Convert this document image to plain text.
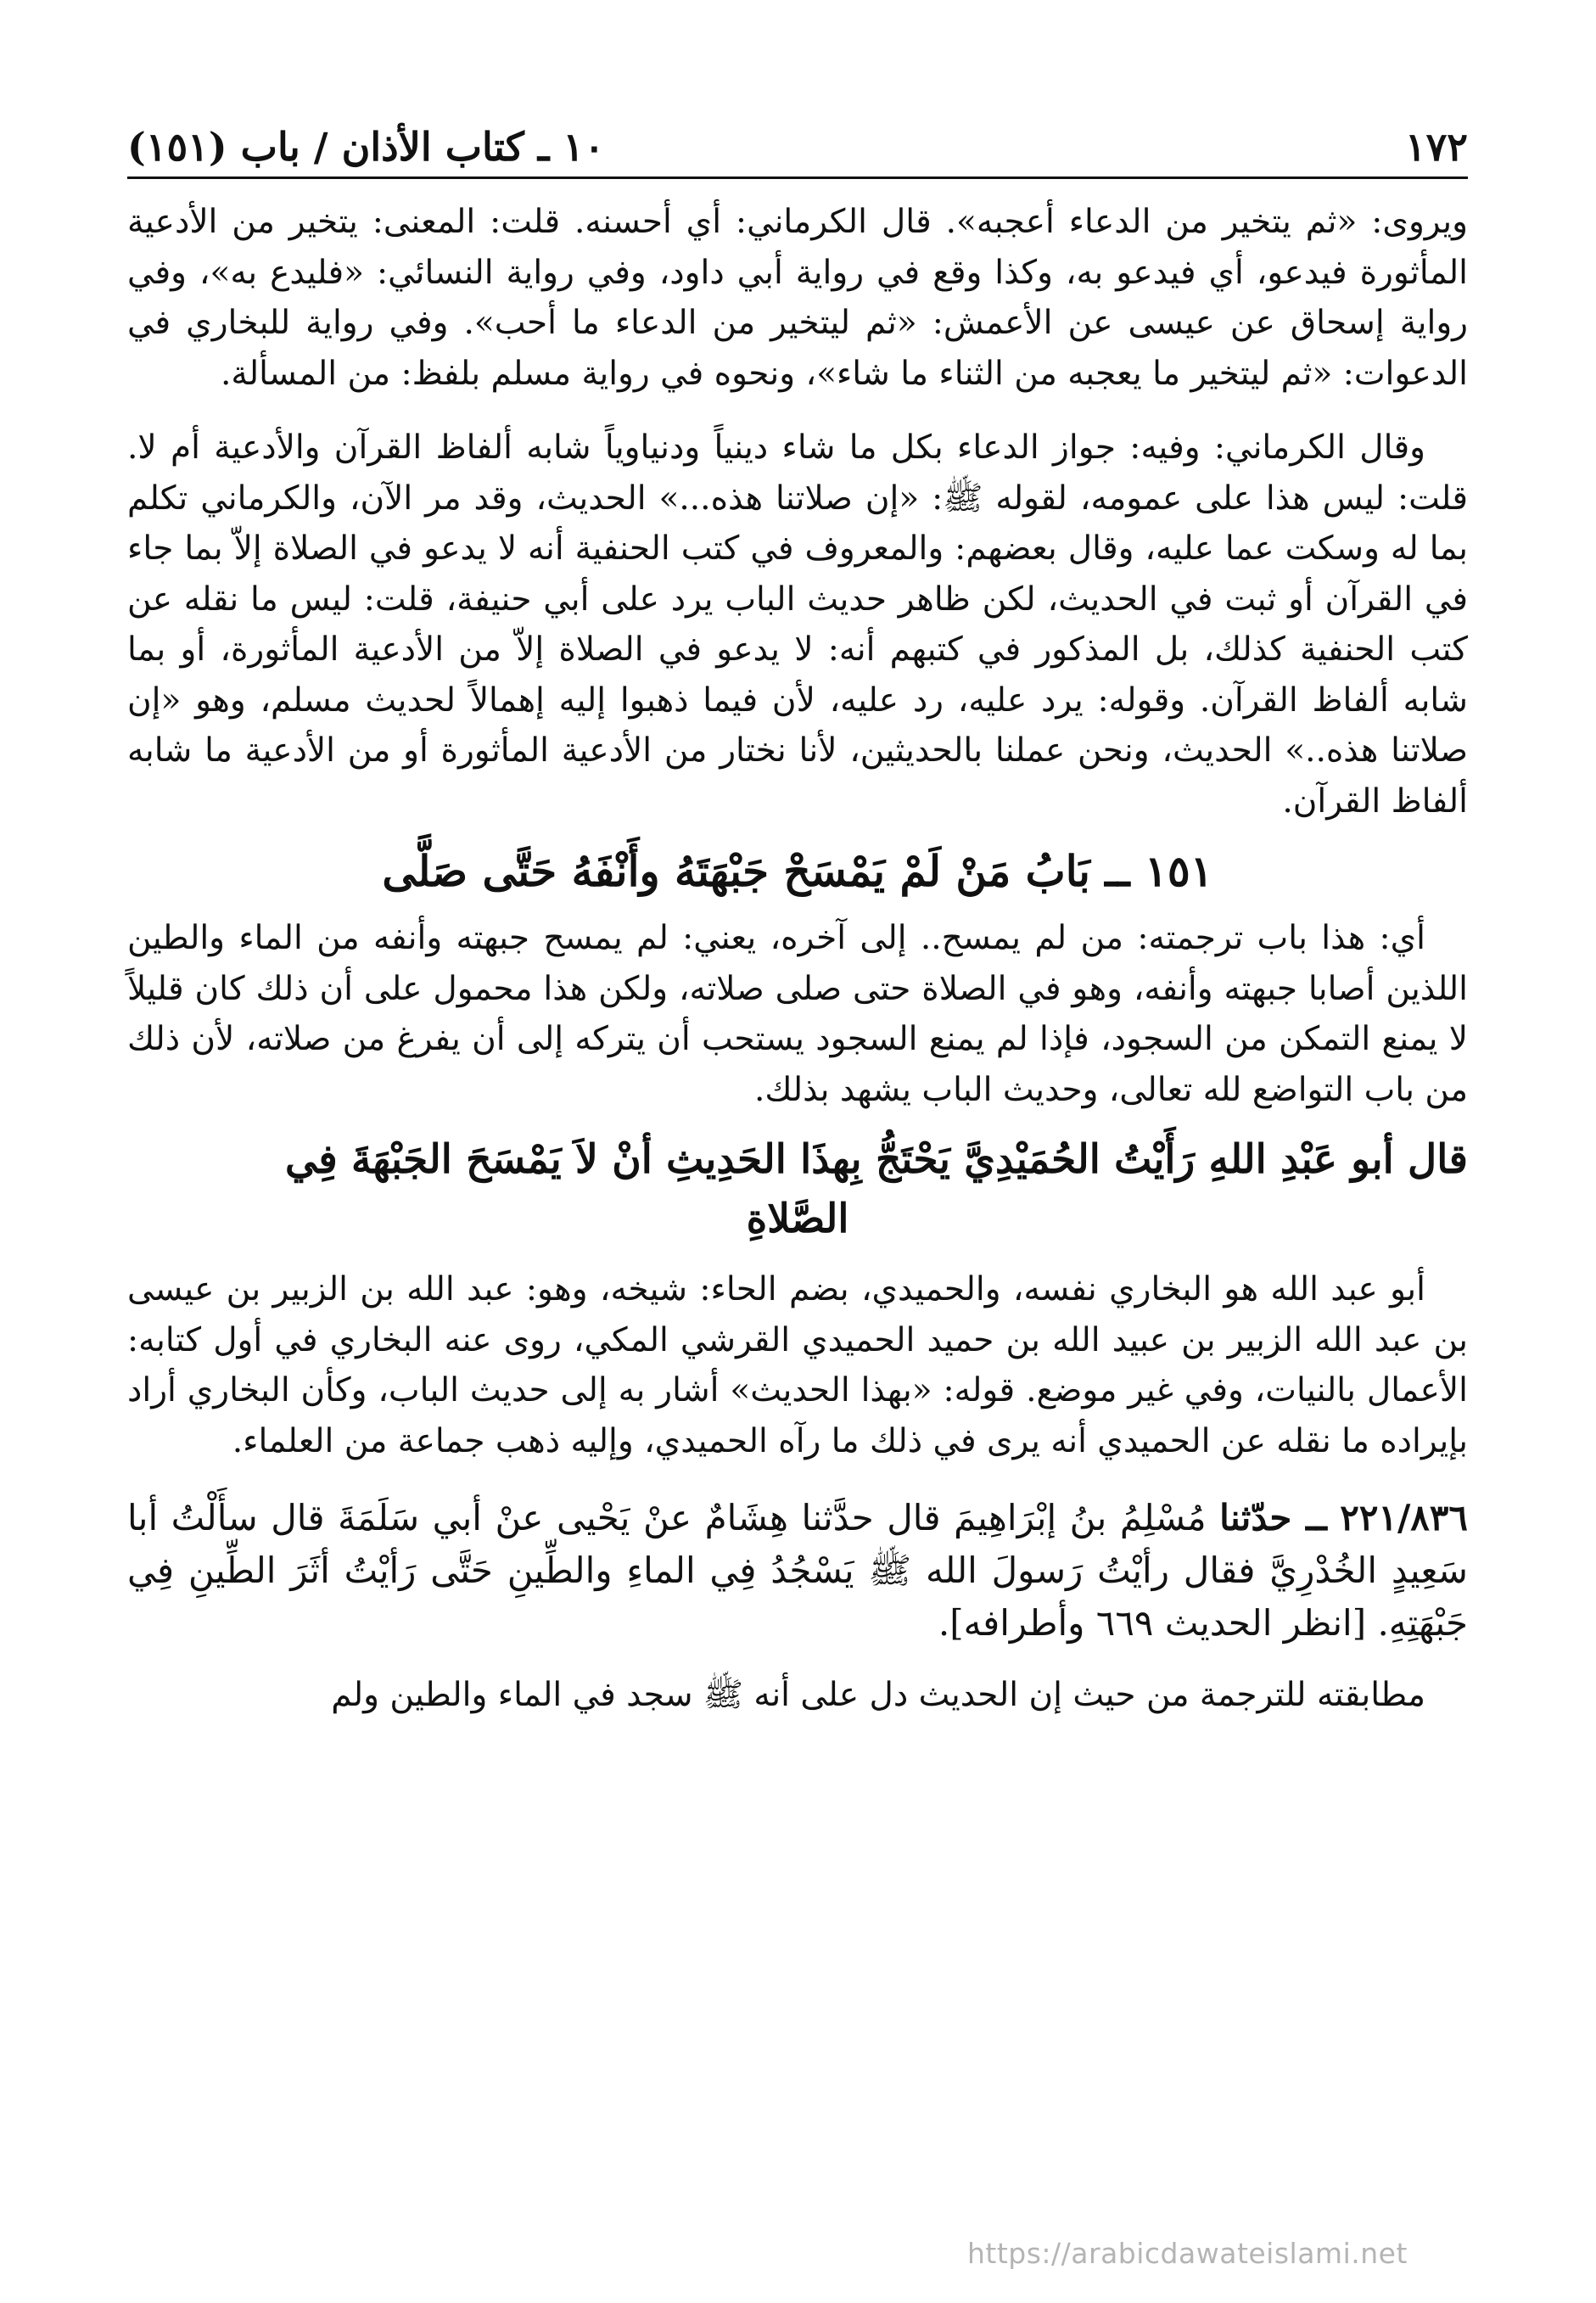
١٧٢
١٠ ـ كتاب الأذان / باب (١٥١)

ويروى: «ثم يتخير من الدعاء أعجبه». قال الكرماني: أي أحسنه. قلت: المعنى: يتخير من الأدعية المأثورة فيدعو، أي فيدعو به، وكذا وقع في رواية أبي داود، وفي رواية النسائي: «فليدع به»، وفي رواية إسحاق عن عيسى عن الأعمش: «ثم ليتخير من الدعاء ما أحب». وفي رواية للبخاري في الدعوات: «ثم ليتخير ما يعجبه من الثناء ما شاء»، ونحوه في رواية مسلم بلفظ: من المسألة.

وقال الكرماني: وفيه: جواز الدعاء بكل ما شاء دينياً ودنياوياً شابه ألفاظ القرآن والأدعية أم لا. قلت: ليس هذا على عمومه، لقوله ﷺ: «إن صلاتنا هذه...» الحديث، وقد مر الآن، والكرماني تكلم بما له وسكت عما عليه، وقال بعضهم: والمعروف في كتب الحنفية أنه لا يدعو في الصلاة إلاّ بما جاء في القرآن أو ثبت في الحديث، لكن ظاهر حديث الباب يرد على أبي حنيفة، قلت: ليس ما نقله عن كتب الحنفية كذلك، بل المذكور في كتبهم أنه: لا يدعو في الصلاة إلاّ من الأدعية المأثورة، أو بما شابه ألفاظ القرآن. وقوله: يرد عليه، رد عليه، لأن فيما ذهبوا إليه إهمالاً لحديث مسلم، وهو «إن صلاتنا هذه..» الحديث، ونحن عملنا بالحديثين، لأنا نختار من الأدعية المأثورة أو من الأدعية ما شابه ألفاظ القرآن.

١٥١ ــ بَابُ مَنْ لَمْ يَمْسَحْ جَبْهَتَهُ وأَنْفَهُ حَتَّى صَلَّى

أي: هذا باب ترجمته: من لم يمسح.. إلى آخره، يعني: لم يمسح جبهته وأنفه من الماء والطين اللذين أصابا جبهته وأنفه، وهو في الصلاة حتى صلى صلاته، ولكن هذا محمول على أن ذلك كان قليلاً لا يمنع التمكن من السجود، فإذا لم يمنع السجود يستحب أن يتركه إلى أن يفرغ من صلاته، لأن ذلك من باب التواضع لله تعالى، وحديث الباب يشهد بذلك.

قال أبو عَبْدِ اللهِ رَأَيْتُ الحُمَيْدِيَّ يَحْتَجُّ بِهذَا الحَدِيثِ أنْ لاَ يَمْسَحَ الجَبْهَةَ فِي
الصَّلاةِ

أبو عبد الله هو البخاري نفسه، والحميدي، بضم الحاء: شيخه، وهو: عبد الله بن الزبير بن عيسى بن عبد الله الزبير بن عبيد الله بن حميد الحميدي القرشي المكي، روى عنه البخاري في أول كتابه: الأعمال بالنيات، وفي غير موضع. قوله: «بهذا الحديث» أشار به إلى حديث الباب، وكأن البخاري أراد بإيراده ما نقله عن الحميدي أنه يرى في ذلك ما رآه الحميدي، وإليه ذهب جماعة من العلماء.

٢٢١/٨٣٦ ــ حدّثنا مُسْلِمُ بنُ إبْرَاهِيمَ قال حدَّثنا هِشَامٌ عنْ يَحْيى عنْ أبي سَلَمَةَ قال سأَلْتُ أبا سَعِيدٍ الخُدْرِيَّ فقال رأيْتُ رَسولَ الله ﷺ يَسْجُدُ فِي الماءِ والطِّينِ حَتَّى رَأيْتُ أثَرَ الطِّينِ فِي جَبْهَتِهِ. [انظر الحديث ٦٦٩ وأطرافه].

مطابقته للترجمة من حيث إن الحديث دل على أنه ﷺ سجد في الماء والطين ولم

https://arabicdawateislami.net
